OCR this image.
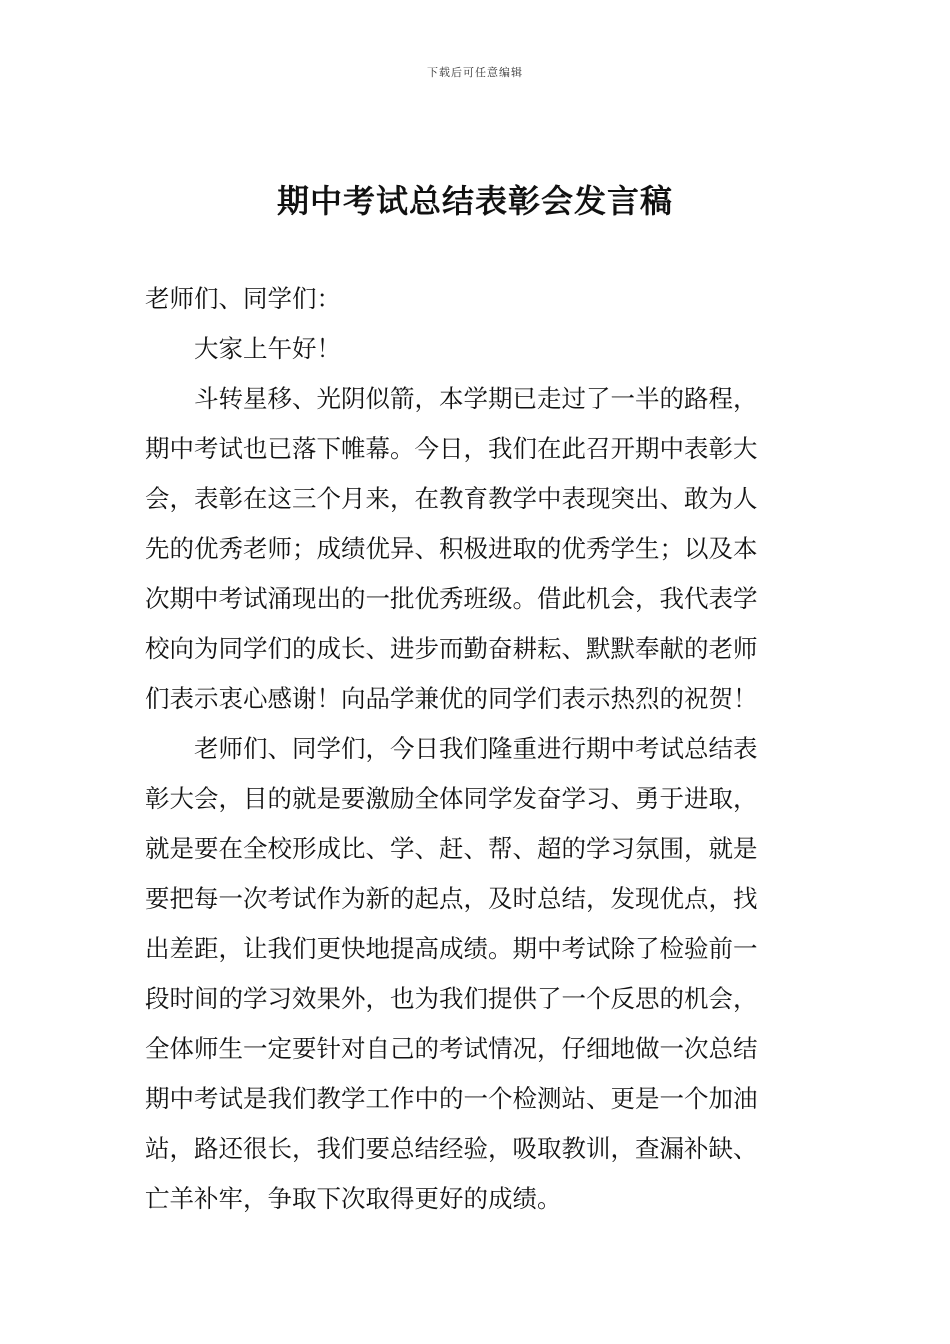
下载后可任意编辑
期中考试总结表彰会发言稿
老师们、同学们：
大家上午好！
斗转星移、光阴似箭，本学期已走过了一半的路程，
期中考试也已落下帷幕。今日，我们在此召开期中表彰大
会，表彰在这三个月来，在教育教学中表现突出、敢为人
先的优秀老师；成绩优异、积极进取的优秀学生；以及本
次期中考试涌现出的一批优秀班级。借此机会，我代表学
校向为同学们的成长、进步而勤奋耕耘、默默奉献的老师
们表示衷心感谢！向品学兼优的同学们表示热烈的祝贺！
老师们、同学们，今日我们隆重进行期中考试总结表
彰大会，目的就是要激励全体同学发奋学习、勇于进取，
就是要在全校形成比、学、赶、帮、超的学习氛围，就是
要把每一次考试作为新的起点，及时总结，发现优点，找
出差距，让我们更快地提高成绩。期中考试除了检验前一
段时间的学习效果外，也为我们提供了一个反思的机会，
全体师生一定要针对自己的考试情况，仔细地做一次总结
期中考试是我们教学工作中的一个检测站、更是一个加油
站，路还很长，我们要总结经验，吸取教训，查漏补缺、
亡羊补牢，争取下次取得更好的成绩。
